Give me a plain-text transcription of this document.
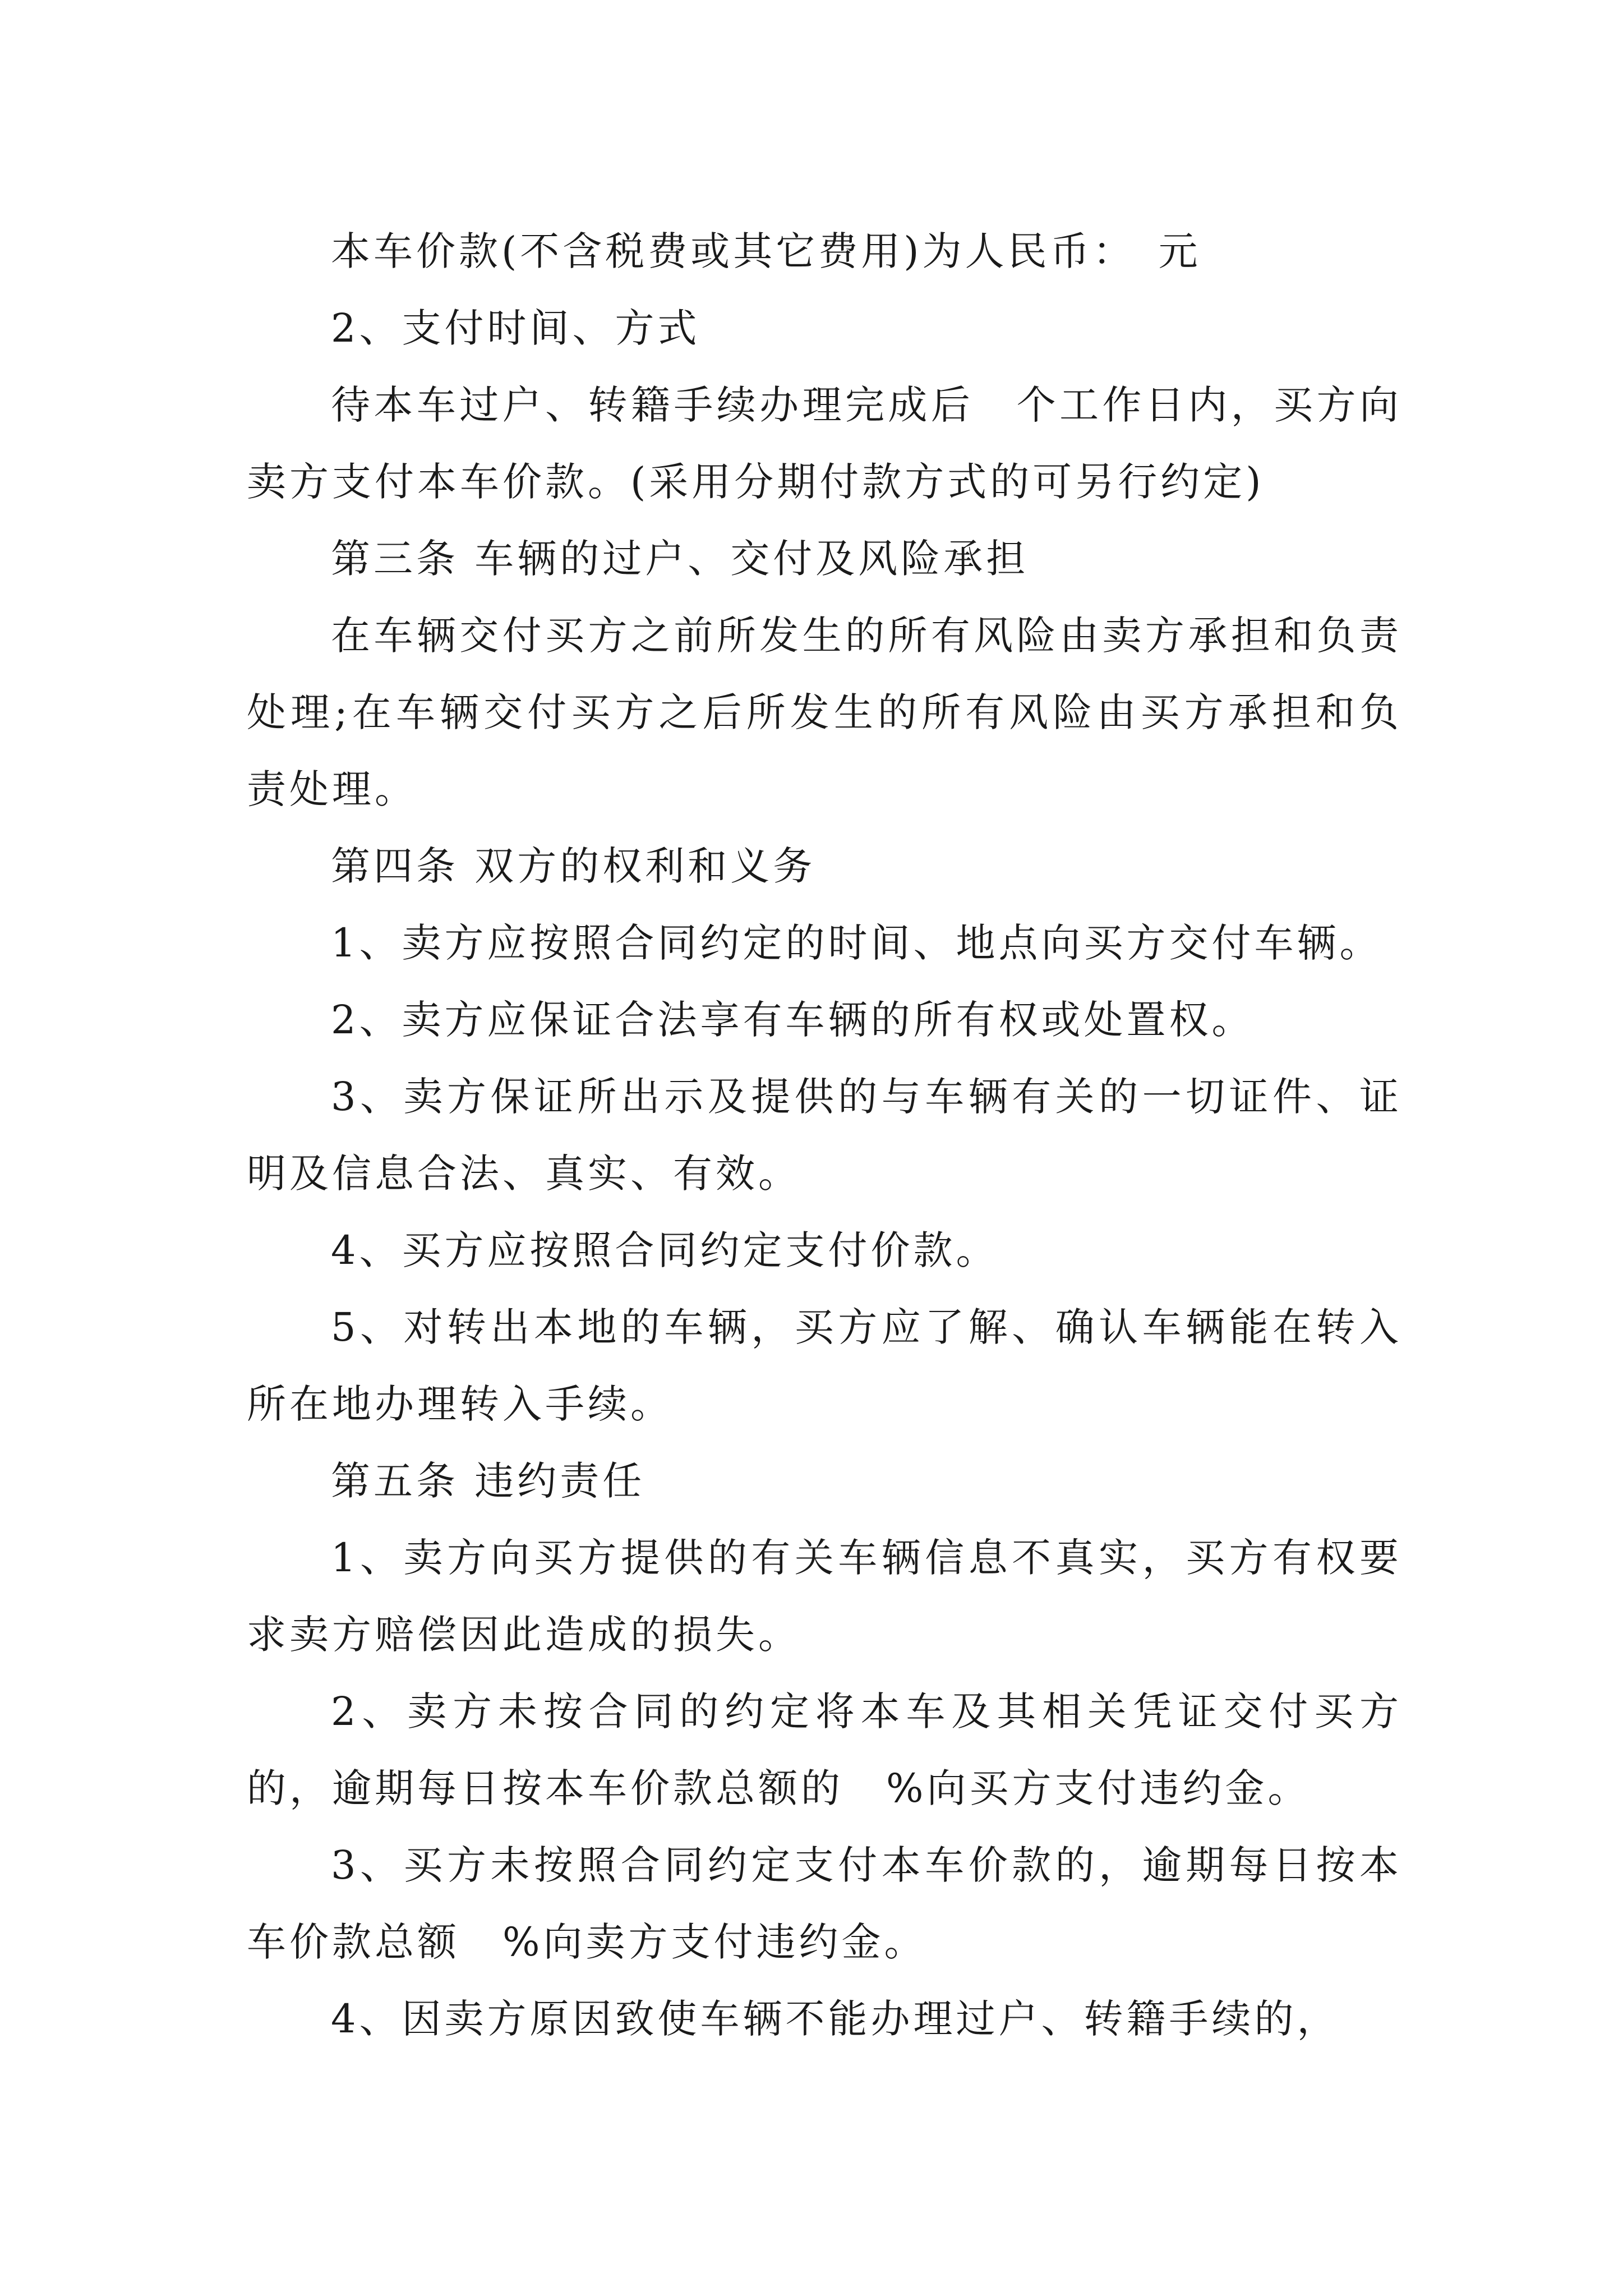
本车价款(不含税费或其它费用)为人民币：　元

2、支付时间、方式

待本车过户、转籍手续办理完成后　个工作日内，买方向卖方支付本车价款。(采用分期付款方式的可另行约定)

第三条 车辆的过户、交付及风险承担

在车辆交付买方之前所发生的所有风险由卖方承担和负责处理;在车辆交付买方之后所发生的所有风险由买方承担和负责处理。

第四条 双方的权利和义务

1、卖方应按照合同约定的时间、地点向买方交付车辆。

2、卖方应保证合法享有车辆的所有权或处置权。

3、卖方保证所出示及提供的与车辆有关的一切证件、证明及信息合法、真实、有效。

4、买方应按照合同约定支付价款。

5、对转出本地的车辆，买方应了解、确认车辆能在转入所在地办理转入手续。

第五条 违约责任

1、卖方向买方提供的有关车辆信息不真实，买方有权要求卖方赔偿因此造成的损失。

2、卖方未按合同的约定将本车及其相关凭证交付买方的，逾期每日按本车价款总额的　%向买方支付违约金。

3、买方未按照合同约定支付本车价款的，逾期每日按本车价款总额　%向卖方支付违约金。

4、因卖方原因致使车辆不能办理过户、转籍手续的，
